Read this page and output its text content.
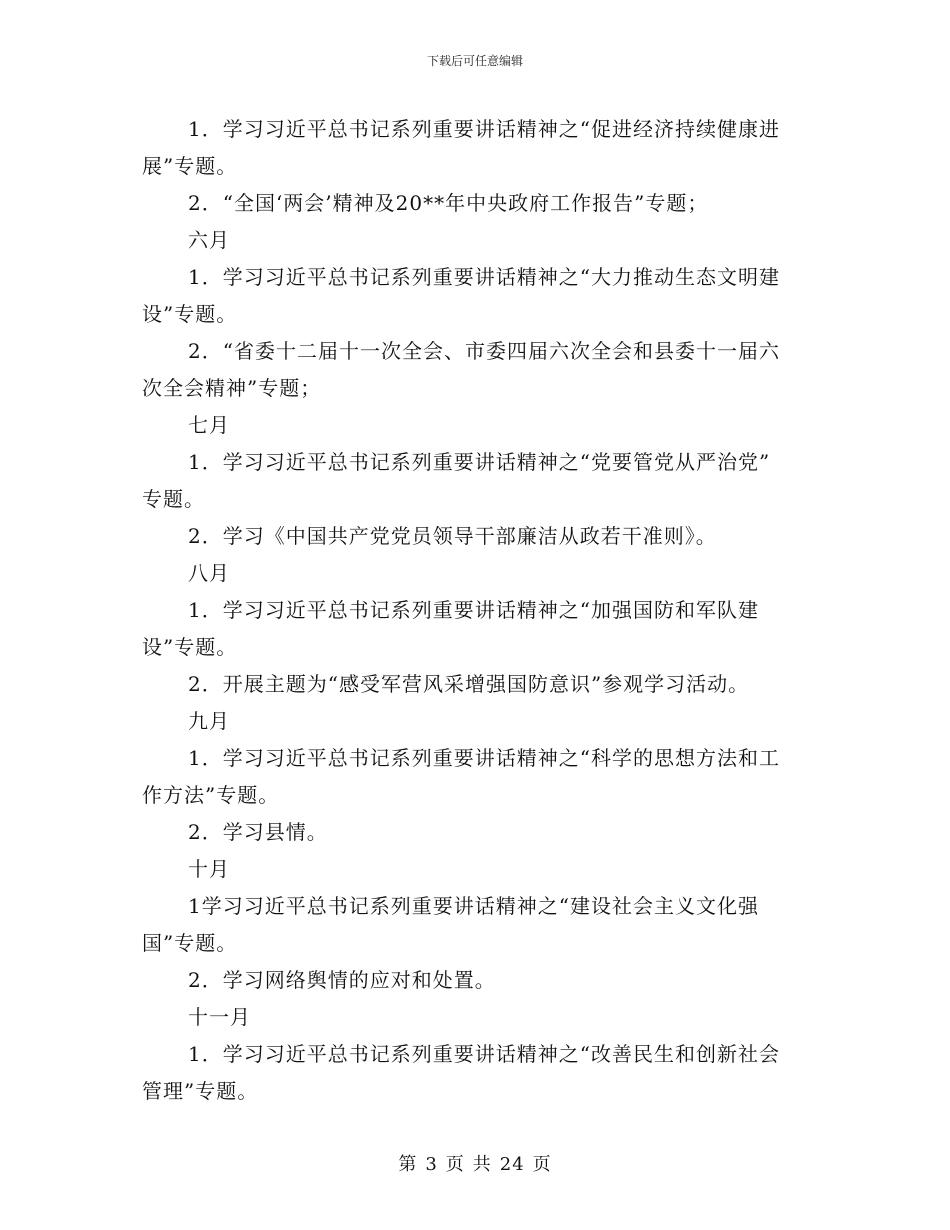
下载后可任意编辑
1．学习习近平总书记系列重要讲话精神之“促进经济持续健康进
展”专题。
2．“全国‘两会’精神及20**年中央政府工作报告”专题；
六月
1．学习习近平总书记系列重要讲话精神之“大力推动生态文明建
设”专题。
2．“省委十二届十一次全会、市委四届六次全会和县委十一届六
次全会精神”专题；
七月
1．学习习近平总书记系列重要讲话精神之“党要管党从严治党”
专题。
2．学习《中国共产党党员领导干部廉洁从政若干准则》。
八月
1．学习习近平总书记系列重要讲话精神之“加强国防和军队建
设”专题。
2．开展主题为“感受军营风采增强国防意识”参观学习活动。
九月
1．学习习近平总书记系列重要讲话精神之“科学的思想方法和工
作方法”专题。
2．学习县情。
十月
1学习习近平总书记系列重要讲话精神之“建设社会主义文化强
国”专题。
2．学习网络舆情的应对和处置。
十一月
1．学习习近平总书记系列重要讲话精神之“改善民生和创新社会
管理”专题。
第 3 页 共 24 页
